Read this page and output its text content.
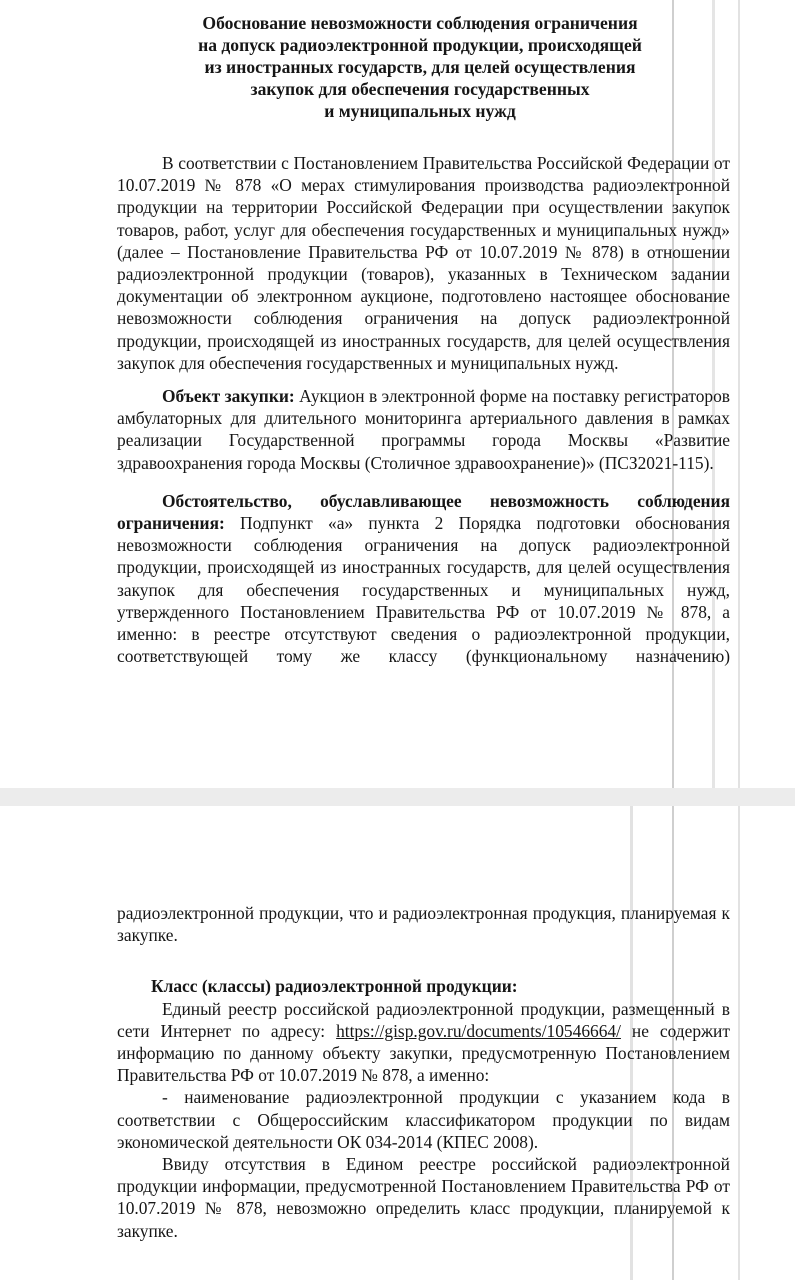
Обоснование невозможности соблюдения ограничения
на допуск радиоэлектронной продукции, происходящей
из иностранных государств, для целей осуществления
закупок для обеспечения государственных
и муниципальных нужд

В соответствии с Постановлением Правительства Российской Федерации от 10.07.2019 № 878 «О мерах стимулирования производства радиоэлектронной продукции на территории Российской Федерации при осуществлении закупок товаров, работ, услуг для обеспечения государственных и муниципальных нужд» (далее – Постановление Правительства РФ от 10.07.2019 № 878) в отношении радиоэлектронной продукции (товаров), указанных в Техническом задании документации об электронном аукционе, подготовлено настоящее обоснование невозможности соблюдения ограничения на допуск радиоэлектронной продукции, происходящей из иностранных государств, для целей осуществления закупок для обеспечения государственных и муниципальных нужд.

Объект закупки: Аукцион в электронной форме на поставку регистраторов амбулаторных для длительного мониторинга артериального давления в рамках реализации Государственной программы города Москвы «Развитие здравоохранения города Москвы (Столичное здравоохранение)» (ПСЗ2021-115).

Обстоятельство, обуславливающее невозможность соблюдения ограничения: Подпункт «а» пункта 2 Порядка подготовки обоснования невозможности соблюдения ограничения на допуск радиоэлектронной продукции, происходящей из иностранных государств, для целей осуществления закупок для обеспечения государственных и муниципальных нужд, утвержденного Постановлением Правительства РФ от 10.07.2019 № 878, а именно: в реестре отсутствуют сведения о радиоэлектронной продукции, соответствующей тому же классу (функциональному назначению)

радиоэлектронной продукции, что и радиоэлектронная продукция, планируемая к закупке.

Класс (классы) радиоэлектронной продукции:

Единый реестр российской радиоэлектронной продукции, размещенный в сети Интернет по адресу: https://gisp.gov.ru/documents/10546664/ не содержит информацию по данному объекту закупки, предусмотренную Постановлением Правительства РФ от 10.07.2019 № 878, а именно:

- наименование радиоэлектронной продукции с указанием кода в соответствии с Общероссийским классификатором продукции по видам экономической деятельности ОК 034-2014 (КПЕС 2008).

Ввиду отсутствия в Едином реестре российской радиоэлектронной продукции информации, предусмотренной Постановлением Правительства РФ от 10.07.2019 № 878, невозможно определить класс продукции, планируемой к закупке.
